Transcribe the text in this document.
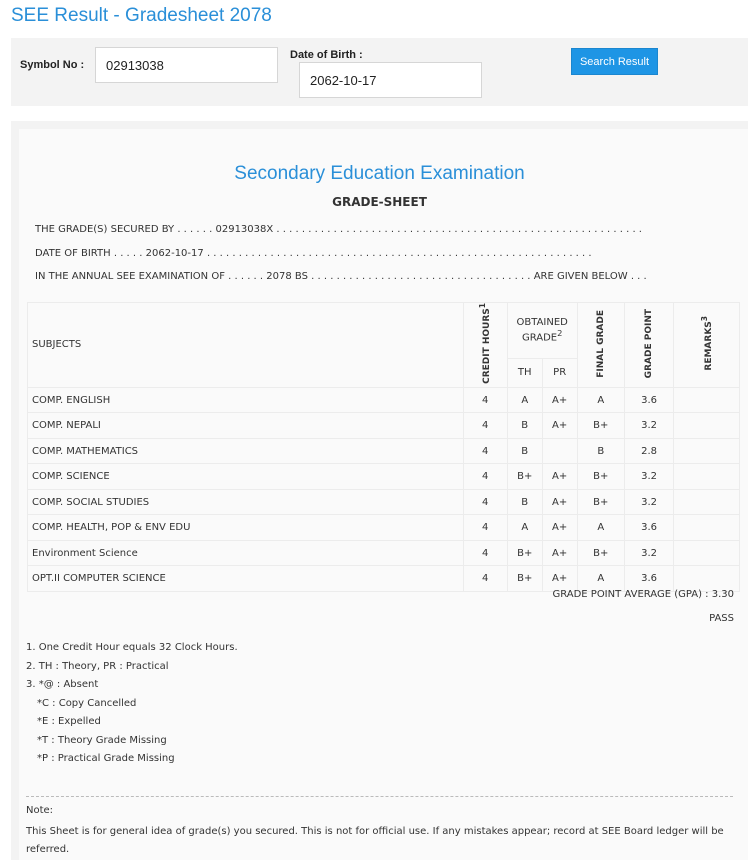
SEE Result - Gradesheet 2078
Symbol No :
02913038
Date of Birth :
2062-10-17
Search Result
Secondary Education Examination
GRADE-SHEET
THE GRADE(S) SECURED BY . . . . . . 02913038X . . . . . . . . . . . . . . . . . . . . . . . . . . . . . . . . . . . . . . . . . . . . . . . . . . . . . . . . . .
DATE OF BIRTH . . . . . 2062-10-17 . . . . . . . . . . . . . . . . . . . . . . . . . . . . . . . . . . . . . . . . . . . . . . . . . . . . . . . . . . . . .
IN THE ANNUAL SEE EXAMINATION OF . . . . . . 2078 BS . . . . . . . . . . . . . . . . . . . . . . . . . . . . . . . . . . . ARE GIVEN BELOW . . .
SUBJECTS	CREDIT HOURS$^1$	OBTAINED GRADE$^2$		FINAL GRADE	GRADE POINT	REMARKS$^3$
		TH	PR			
COMP. ENGLISH	4	A	A+	A	3.6	
COMP. NEPALI	4	B	A+	B+	3.2	
COMP. MATHEMATICS	4	B		B	2.8	
COMP. SCIENCE	4	B+	A+	B+	3.2	
COMP. SOCIAL STUDIES	4	B	A+	B+	3.2	
COMP. HEALTH, POP & ENV EDU	4	A	A+	A	3.6	
Environment Science	4	B+	A+	B+	3.2	
OPT.II COMPUTER SCIENCE	4	B+	A+	A	3.6	
GRADE POINT AVERAGE (GPA) : 3.30
PASS
1. One Credit Hour equals 32 Clock Hours.
2. TH : Theory, PR : Practical
3. *@ : Absent
*C : Copy Cancelled
*E : Expelled
*T : Theory Grade Missing
*P : Practical Grade Missing
Note:
This Sheet is for general idea of grade(s) you secured. This is not for official use. If any mistakes appear; record at SEE Board ledger will be referred.
